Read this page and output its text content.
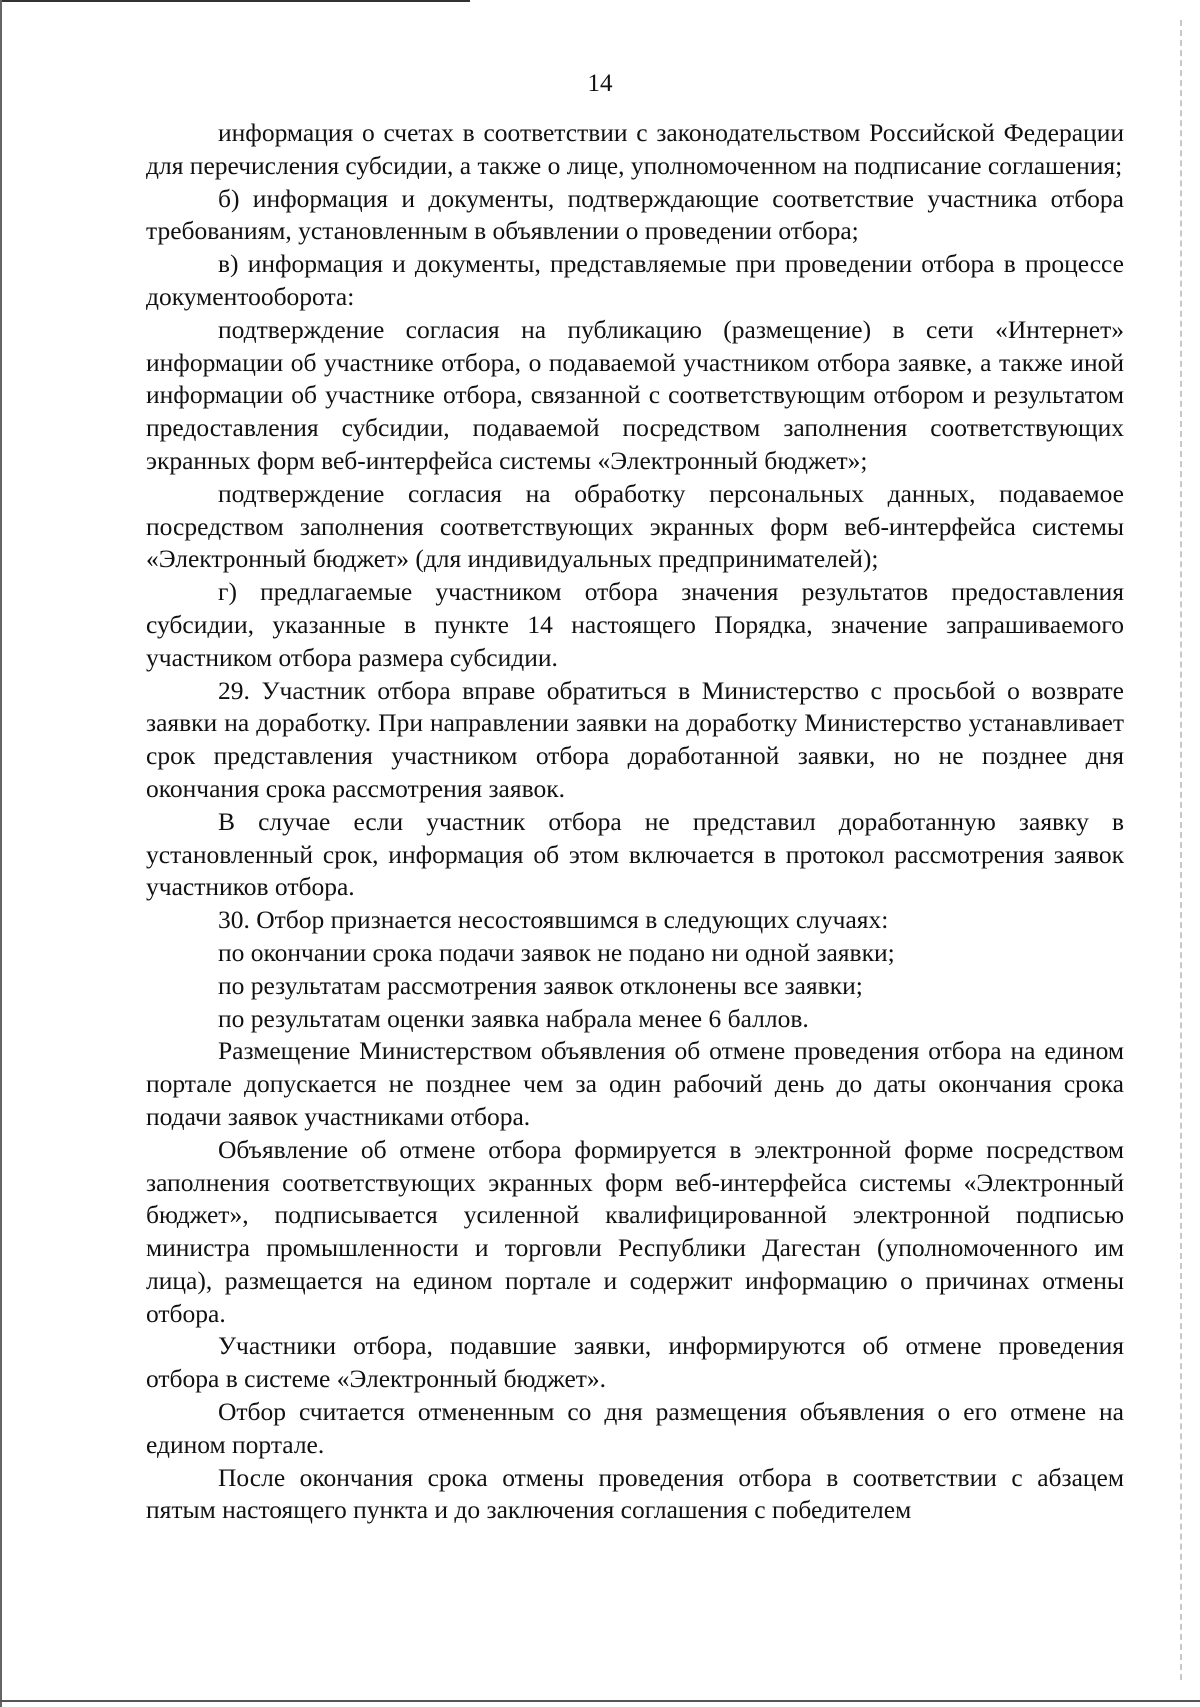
14

информация о счетах в соответствии с законодательством Российской Федерации для перечисления субсидии, а также о лице, уполномоченном на подписание соглашения;

б) информация и документы, подтверждающие соответствие участника отбора требованиям, установленным в объявлении о проведении отбора;

в) информация и документы, представляемые при проведении отбора в процессе документооборота:

подтверждение согласия на публикацию (размещение) в сети «Интернет» информации об участнике отбора, о подаваемой участником отбора заявке, а также иной информации об участнике отбора, связанной с соответствующим отбором и результатом предоставления субсидии, подаваемой посредством заполнения соответствующих экранных форм веб-интерфейса системы «Электронный бюджет»;

подтверждение согласия на обработку персональных данных, подаваемое посредством заполнения соответствующих экранных форм веб-интерфейса системы «Электронный бюджет» (для индивидуальных предпринимателей);

г) предлагаемые участником отбора значения результатов предоставления субсидии, указанные в пункте 14 настоящего Порядка, значение запрашиваемого участником отбора размера субсидии.

29. Участник отбора вправе обратиться в Министерство с просьбой о возврате заявки на доработку. При направлении заявки на доработку Министерство устанавливает срок представления участником отбора доработанной заявки, но не позднее дня окончания срока рассмотрения заявок.

В случае если участник отбора не представил доработанную заявку в установленный срок, информация об этом включается в протокол рассмотрения заявок участников отбора.

30. Отбор признается несостоявшимся в следующих случаях:

по окончании срока подачи заявок не подано ни одной заявки;

по результатам рассмотрения заявок отклонены все заявки;

по результатам оценки заявка набрала менее 6 баллов.

Размещение Министерством объявления об отмене проведения отбора на едином портале допускается не позднее чем за один рабочий день до даты окончания срока подачи заявок участниками отбора.

Объявление об отмене отбора формируется в электронной форме посредством заполнения соответствующих экранных форм веб-интерфейса системы «Электронный бюджет», подписывается усиленной квалифицированной электронной подписью министра промышленности и торговли Республики Дагестан (уполномоченного им лица), размещается на едином портале и содержит информацию о причинах отмены отбора.

Участники отбора, подавшие заявки, информируются об отмене проведения отбора в системе «Электронный бюджет».

Отбор считается отмененным со дня размещения объявления о его отмене на едином портале.

После окончания срока отмены проведения отбора в соответствии с абзацем пятым настоящего пункта и до заключения соглашения с победителем
